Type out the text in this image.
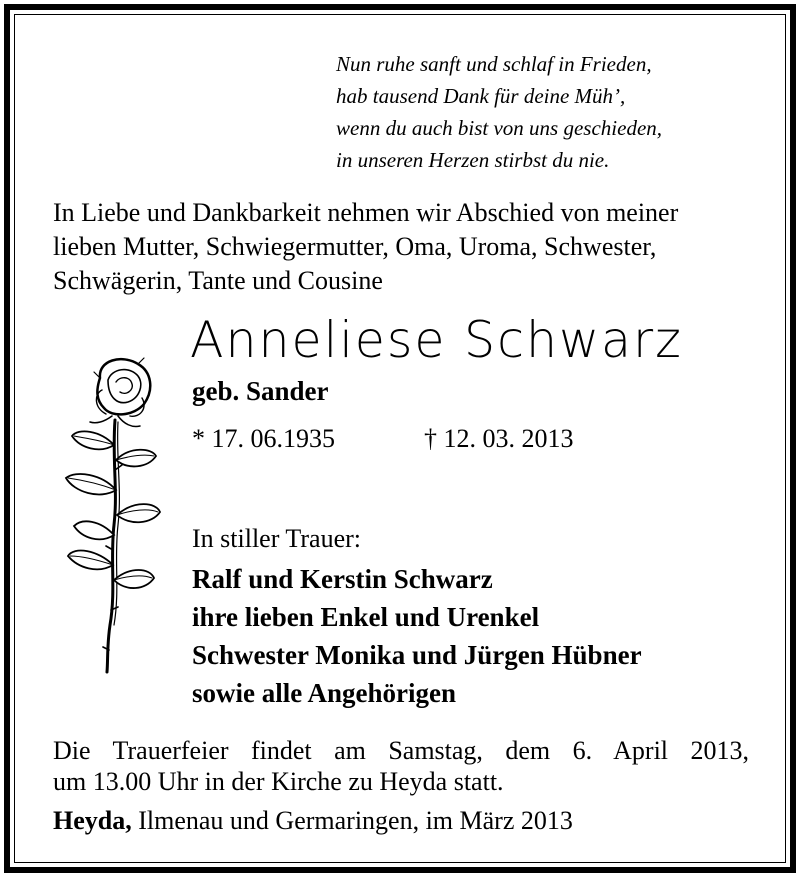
Nun ruhe sanft und schlaf in Frieden,
hab tausend Dank für deine Müh’,
wenn du auch bist von uns geschieden,
in unseren Herzen stirbst du nie.
In Liebe und Dankbarkeit nehmen wir Abschied von meiner
lieben Mutter, Schwiegermutter, Oma, Uroma, Schwester,
Schwägerin, Tante und Cousine
Anneliese Schwarz
geb. Sander
* 17. 06.1935	† 12. 03. 2013
In stiller Trauer:
Ralf und Kerstin Schwarz
ihre lieben Enkel und Urenkel
Schwester Monika und Jürgen Hübner
sowie alle Angehörigen
Die Trauerfeier findet am Samstag, dem 6. April 2013,
um 13.00 Uhr in der Kirche zu Heyda statt.
Heyda, Ilmenau und Germaringen, im März 2013
